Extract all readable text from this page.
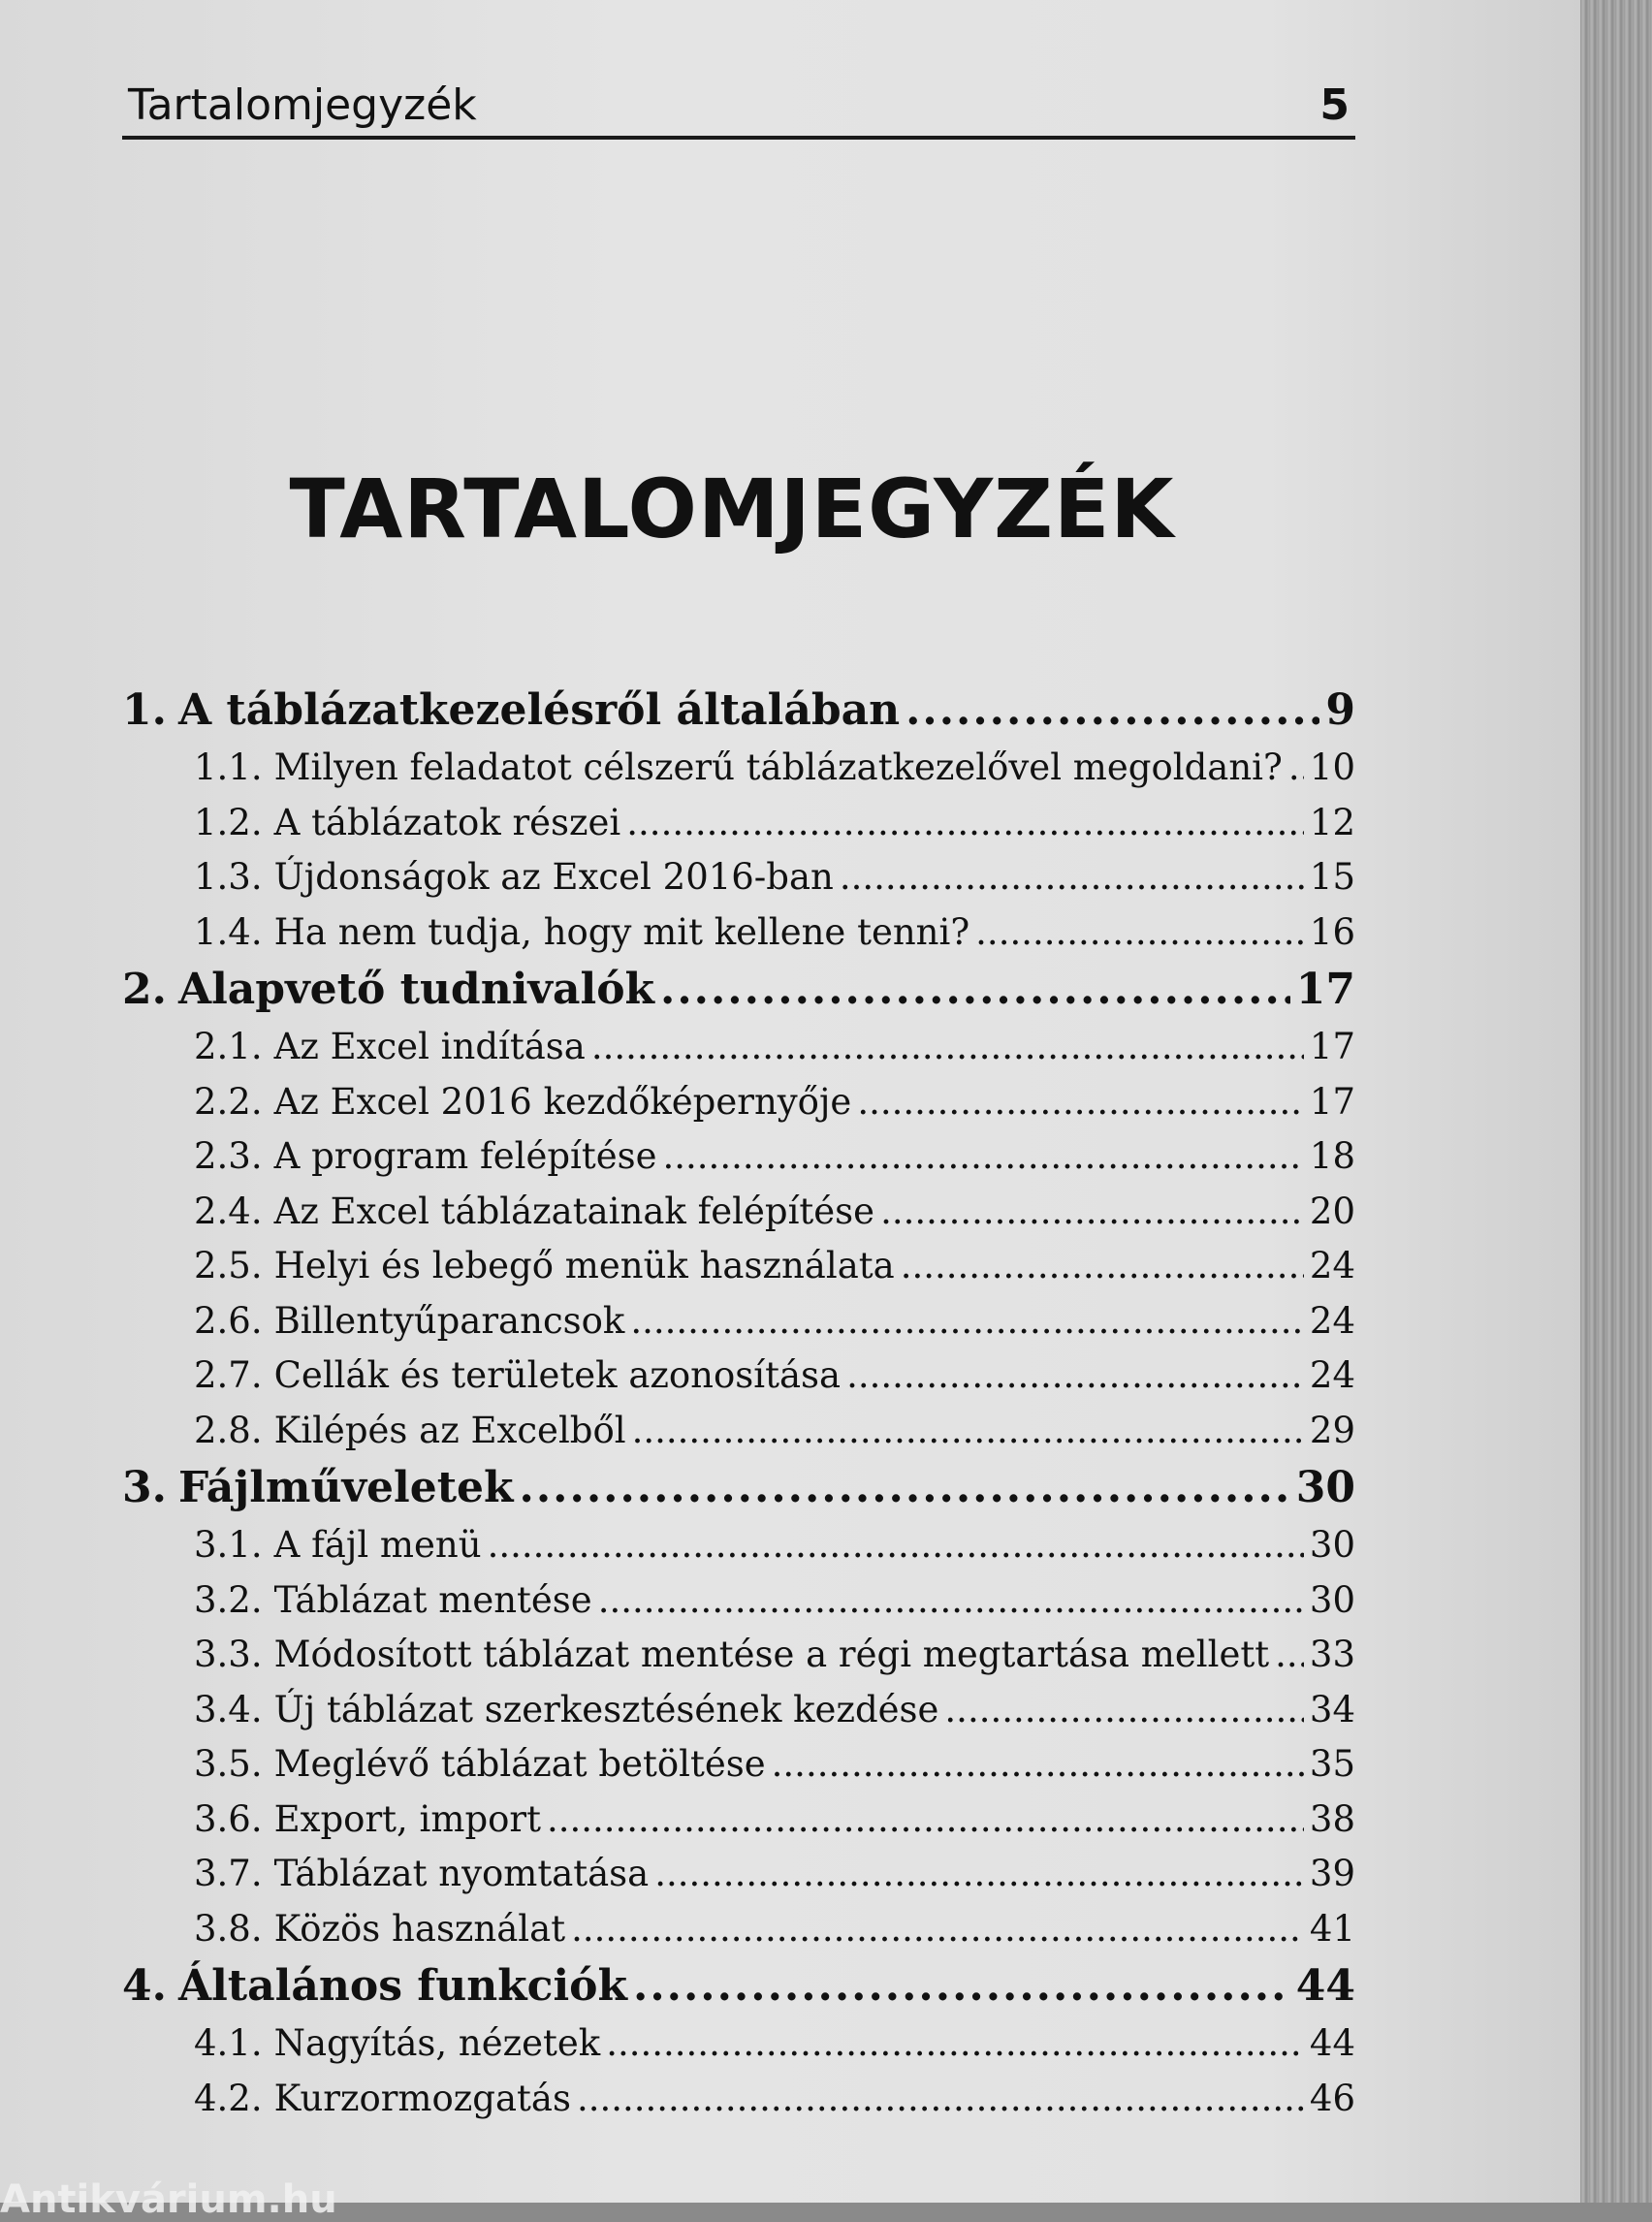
Tartalomjegyzék	5
TARTALOMJEGYZÉK
1. A táblázatkezelésről általában .....	9
1.1. Milyen feladatot célszerű táblázatkezelővel megoldani? ..... 10
1.2. A táblázatok részei .....	12
1.3. Újdonságok az Excel 2016-ban .....	15
1.4. Ha nem tudja, hogy mit kellene tenni? .....	16
2. Alapvető tudnivalók .....	17
2.1. Az Excel indítása .....	17
2.2. Az Excel 2016 kezdőképernyője .....	17
2.3. A program felépítése .....	18
2.4. Az Excel táblázatainak felépítése .....	20
2.5. Helyi és lebegő menük használata .....	24
2.6. Billentyűparancsok .....	24
2.7. Cellák és területek azonosítása .....	24
2.8. Kilépés az Excelből .....	29
3. Fájlműveletek .....	30
3.1. A fájl menü .....	30
3.2. Táblázat mentése .....	30
3.3. Módosított táblázat mentése a régi megtartása mellett ..... 33
3.4. Új táblázat szerkesztésének kezdése .....	34
3.5. Meglévő táblázat betöltése .....	35
3.6. Export, import .....	38
3.7. Táblázat nyomtatása .....	39
3.8. Közös használat .....	41
4. Általános funkciók .....	44
4.1. Nagyítás, nézetek .....	44
4.2. Kurzormozgatás .....	46
Antikvárium.hu
